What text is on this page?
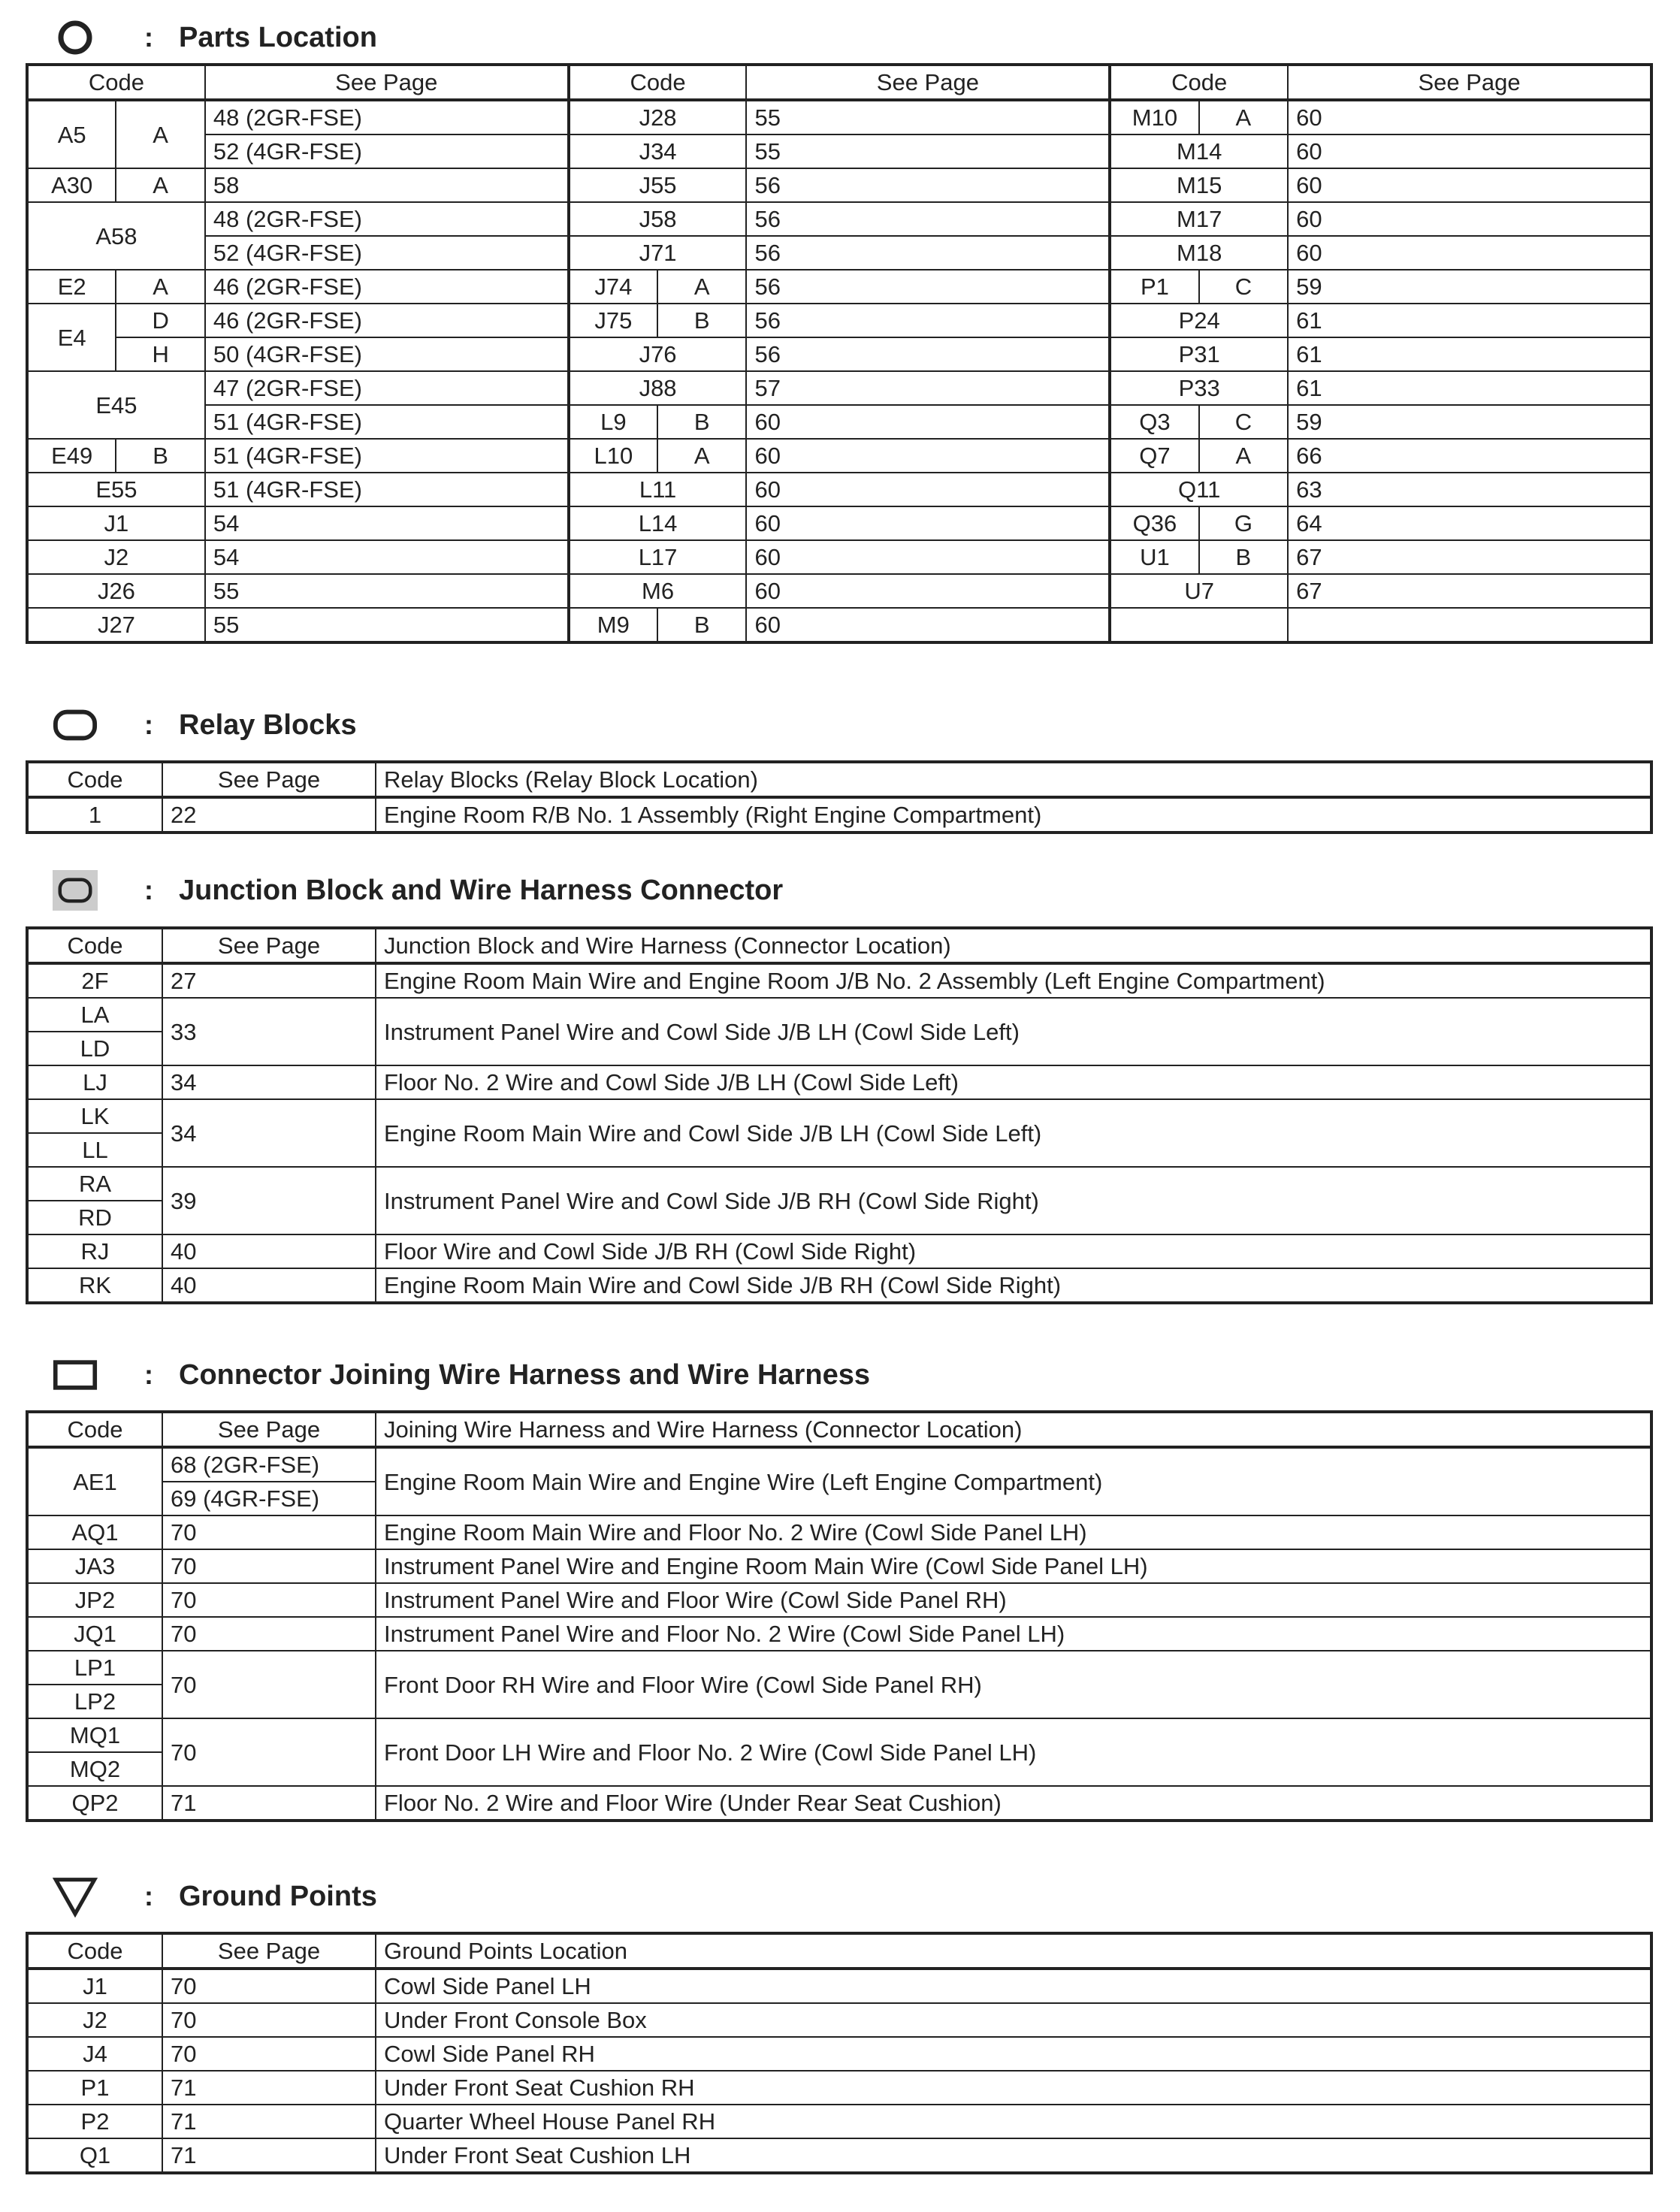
: Parts Location
Code		See Page	Code		See Page	Code		See Page
A5	A	48 (2GR-FSE)	J28		55	M10	A	60
		52 (4GR-FSE)	J34		55	M14		60
A30	A	58	J55		56	M15		60
A58		48 (2GR-FSE)	J58		56	M17		60
		52 (4GR-FSE)	J71		56	M18		60
E2	A	46 (2GR-FSE)	J74	A	56	P1	C	59
E4	D	46 (2GR-FSE)	J75	B	56	P24		61
	H	50 (4GR-FSE)	J76		56	P31		61
E45		47 (2GR-FSE)	J88		57	P33		61
		51 (4GR-FSE)	L9	B	60	Q3	C	59
E49	B	51 (4GR-FSE)	L10	A	60	Q7	A	66
E55		51 (4GR-FSE)	L11		60	Q11		63
J1		54	L14		60	Q36	G	64
J2		54	L17		60	U1	B	67
J26		55	M6		60	U7		67
J27		55	M9	B	60			
: Relay Blocks
Code	See Page	Relay Blocks (Relay Block Location)
1	22	Engine Room R/B No. 1 Assembly (Right Engine Compartment)
: Junction Block and Wire Harness Connector
Code	See Page	Junction Block and Wire Harness (Connector Location)
2F	27	Engine Room Main Wire and Engine Room J/B No. 2 Assembly (Left Engine Compartment)
LA	33	Instrument Panel Wire and Cowl Side J/B LH (Cowl Side Left)
LD		
LJ	34	Floor No. 2 Wire and Cowl Side J/B LH (Cowl Side Left)
LK	34	Engine Room Main Wire and Cowl Side J/B LH (Cowl Side Left)
LL		
RA	39	Instrument Panel Wire and Cowl Side J/B RH (Cowl Side Right)
RD		
RJ	40	Floor Wire and Cowl Side J/B RH (Cowl Side Right)
RK	40	Engine Room Main Wire and Cowl Side J/B RH (Cowl Side Right)
: Connector Joining Wire Harness and Wire Harness
Code	See Page	Joining Wire Harness and Wire Harness (Connector Location)
AE1	68 (2GR-FSE)	Engine Room Main Wire and Engine Wire (Left Engine Compartment)
	69 (4GR-FSE)	
AQ1	70	Engine Room Main Wire and Floor No. 2 Wire (Cowl Side Panel LH)
JA3	70	Instrument Panel Wire and Engine Room Main Wire (Cowl Side Panel LH)
JP2	70	Instrument Panel Wire and Floor Wire (Cowl Side Panel RH)
JQ1	70	Instrument Panel Wire and Floor No. 2 Wire (Cowl Side Panel LH)
LP1	70	Front Door RH Wire and Floor Wire (Cowl Side Panel RH)
LP2		
MQ1	70	Front Door LH Wire and Floor No. 2 Wire (Cowl Side Panel LH)
MQ2		
QP2	71	Floor No. 2 Wire and Floor Wire (Under Rear Seat Cushion)
: Ground Points
Code	See Page	Ground Points Location
J1	70	Cowl Side Panel LH
J2	70	Under Front Console Box
J4	70	Cowl Side Panel RH
P1	71	Under Front Seat Cushion RH
P2	71	Quarter Wheel House Panel RH
Q1	71	Under Front Seat Cushion LH
